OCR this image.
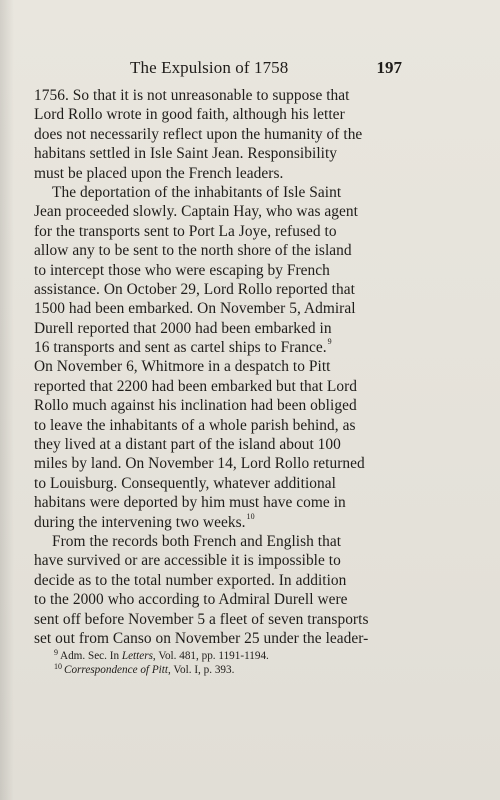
The Expulsion of 1758	197
1756. So that it is not unreasonable to suppose that
Lord Rollo wrote in good faith, although his letter
does not necessarily reflect upon the humanity of the
habitans settled in Isle Saint Jean. Responsibility
must be placed upon the French leaders.
The deportation of the inhabitants of Isle Saint
Jean proceeded slowly. Captain Hay, who was agent
for the transports sent to Port La Joye, refused to
allow any to be sent to the north shore of the island
to intercept those who were escaping by French
assistance. On October 29, Lord Rollo reported that
1500 had been embarked. On November 5, Admiral
Durell reported that 2000 had been embarked in
16 transports and sent as cartel ships to France.$^9$
On November 6, Whitmore in a despatch to Pitt
reported that 2200 had been embarked but that Lord
Rollo much against his inclination had been obliged
to leave the inhabitants of a whole parish behind, as
they lived at a distant part of the island about 100
miles by land. On November 14, Lord Rollo returned
to Louisburg. Consequently, whatever additional
habitans were deported by him must have come in
during the intervening two weeks.$^{10}$
From the records both French and English that
have survived or are accessible it is impossible to
decide as to the total number exported. In addition
to the 2000 who according to Admiral Durell were
sent off before November 5 a fleet of seven transports
set out from Canso on November 25 under the leader-
$^9$ Adm. Sec. In Letters, Vol. 481, pp. 1191-1194.
$^{10}$ Correspondence of Pitt, Vol. I, p. 393.
